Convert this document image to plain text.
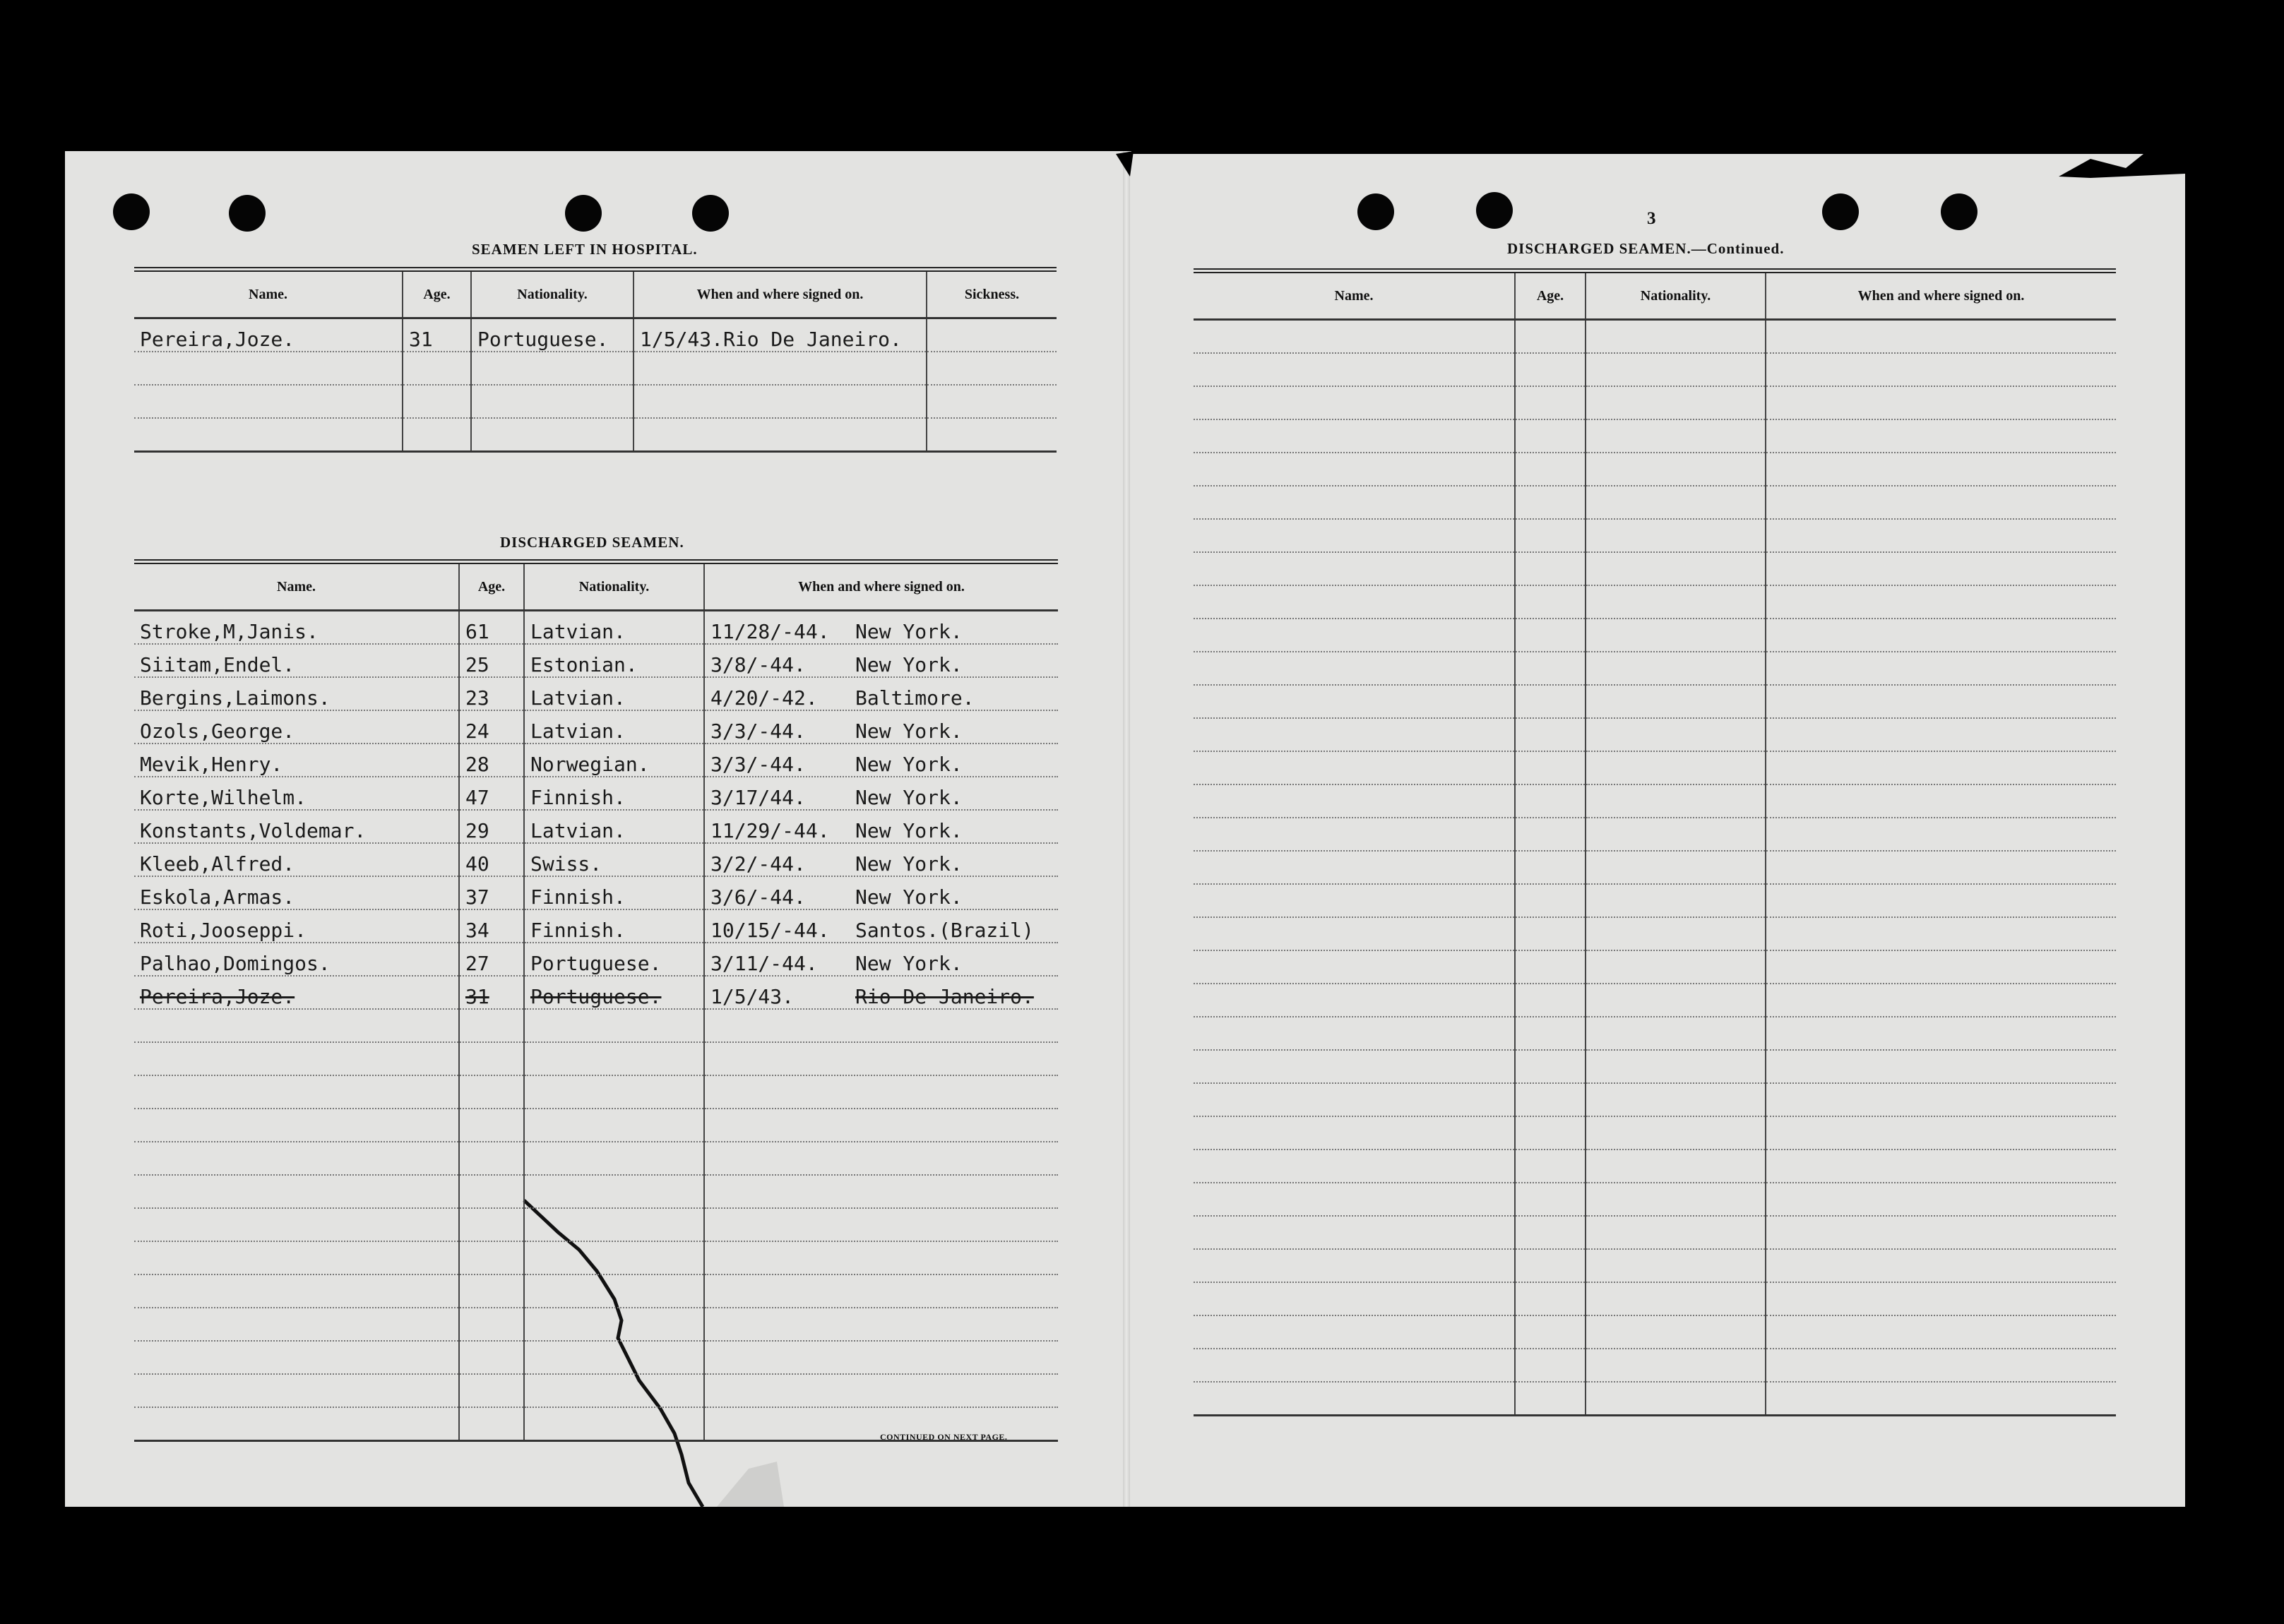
SEAMEN LEFT IN HOSPITAL.
Name.	Age.	Nationality.	When and where signed on.	Sickness.
Pereira,Joze.	31	Portuguese.	1/5/43.Rio De Janeiro.	

DISCHARGED SEAMEN.
Name.	Age.	Nationality.	When and where signed on.
Stroke,M,Janis.	61	Latvian.	11/28/-44. New York.
Siitam,Endel.	25	Estonian.	3/8/-44. New York.
Bergins,Laimons.	23	Latvian.	4/20/-42. Baltimore.
Ozols,George.	24	Latvian.	3/3/-44. New York.
Mevik,Henry.	28	Norwegian.	3/3/-44. New York.
Korte,Wilhelm.	47	Finnish.	3/17/44. New York.
Konstants,Voldemar.	29	Latvian.	11/29/-44. New York.
Kleeb,Alfred.	40	Swiss.	3/2/-44. New York.
Eskola,Armas.	37	Finnish.	3/6/-44. New York.
Roti,Jooseppi.	34	Finnish.	10/15/-44. Santos.(Brazil)
Palhao,Domingos.	27	Portuguese.	3/11/-44. New York.
Pereira,Joze.	31	Portuguese.	1/5/43. Rio De Janeiro.

CONTINUED ON NEXT PAGE.
3
DISCHARGED SEAMEN.—Continued.
Name.	Age.	Nationality.	When and where signed on.
